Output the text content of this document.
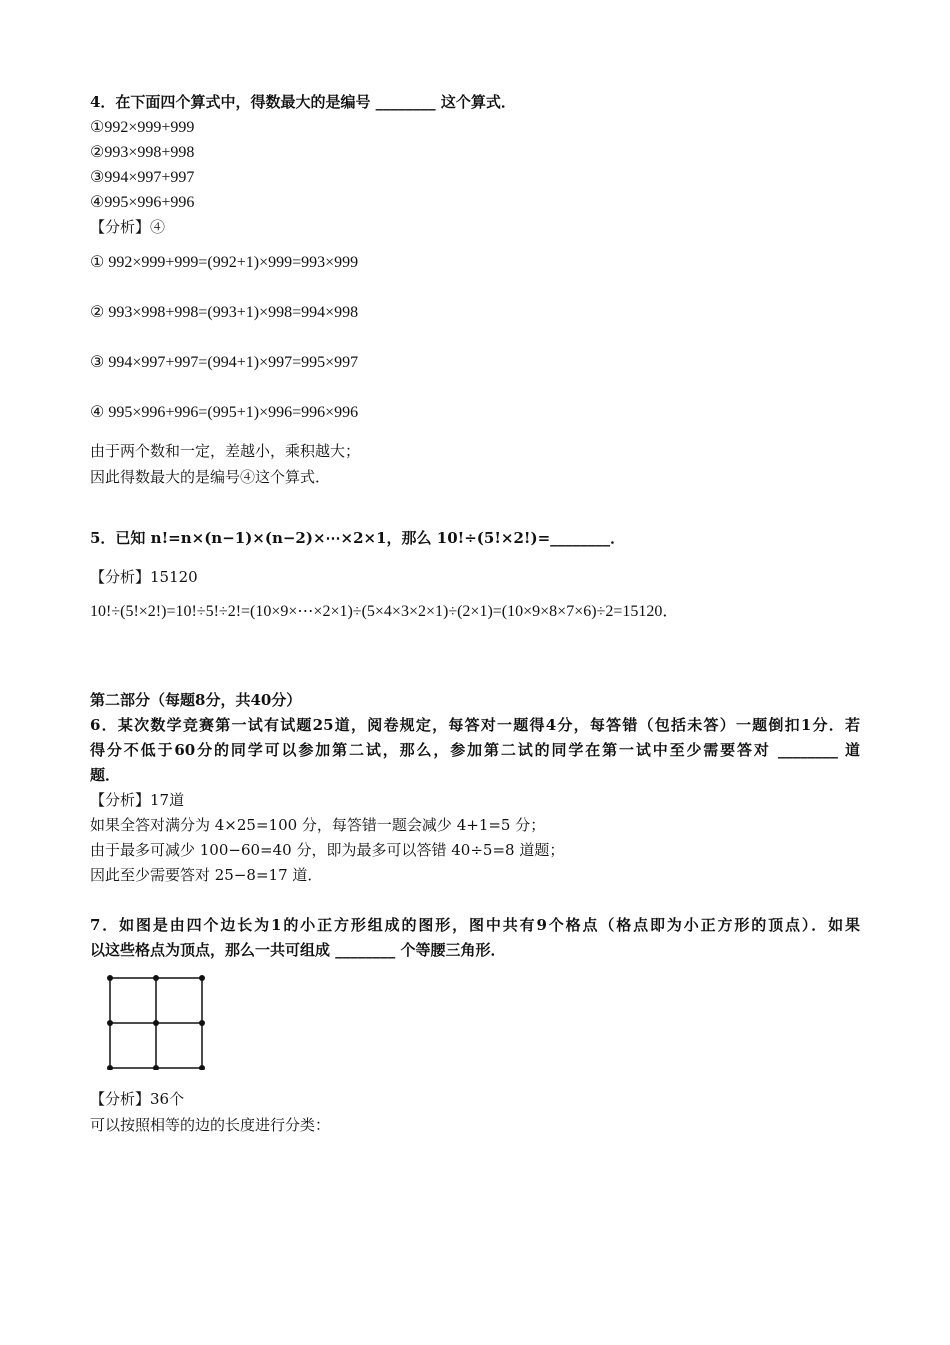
4．在下面四个算式中，得数最大的是编号 ________ 这个算式．
①992×999+999
②993×998+998
③994×997+997
④995×996+996
【分析】④
① 992×999+999=(992+1)×999=993×999
② 993×998+998=(993+1)×998=994×998
③ 994×997+997=(994+1)×997=995×997
④ 995×996+996=(995+1)×996=996×996
由于两个数和一定，差越小，乘积越大；
因此得数最大的是编号④这个算式．
5．已知 n!=n×(n−1)×(n−2)×⋯×2×1，那么 10!÷(5!×2!)=________．
【分析】15120
10!÷(5!×2!)=10!÷5!÷2!=(10×9×⋯×2×1)÷(5×4×3×2×1)÷(2×1)=(10×9×8×7×6)÷2=15120．
第二部分（每题8分，共40分）
6．某次数学竞赛第一试有试题25道，阅卷规定，每答对一题得4分，每答错（包括未答）一题倒扣1分．若
得分不低于60分的同学可以参加第二试，那么，参加第二试的同学在第一试中至少需要答对 ________ 道
题．
【分析】17道
如果全答对满分为 4×25=100 分，每答错一题会减少 4+1=5 分；
由于最多可减少 100−60=40 分，即为最多可以答错 40÷5=8 道题；
因此至少需要答对 25−8=17 道．
7．如图是由四个边长为1的小正方形组成的图形，图中共有9个格点（格点即为小正方形的顶点）．如果
以这些格点为顶点，那么一共可组成 ________ 个等腰三角形．
【分析】36个
可以按照相等的边的长度进行分类：
